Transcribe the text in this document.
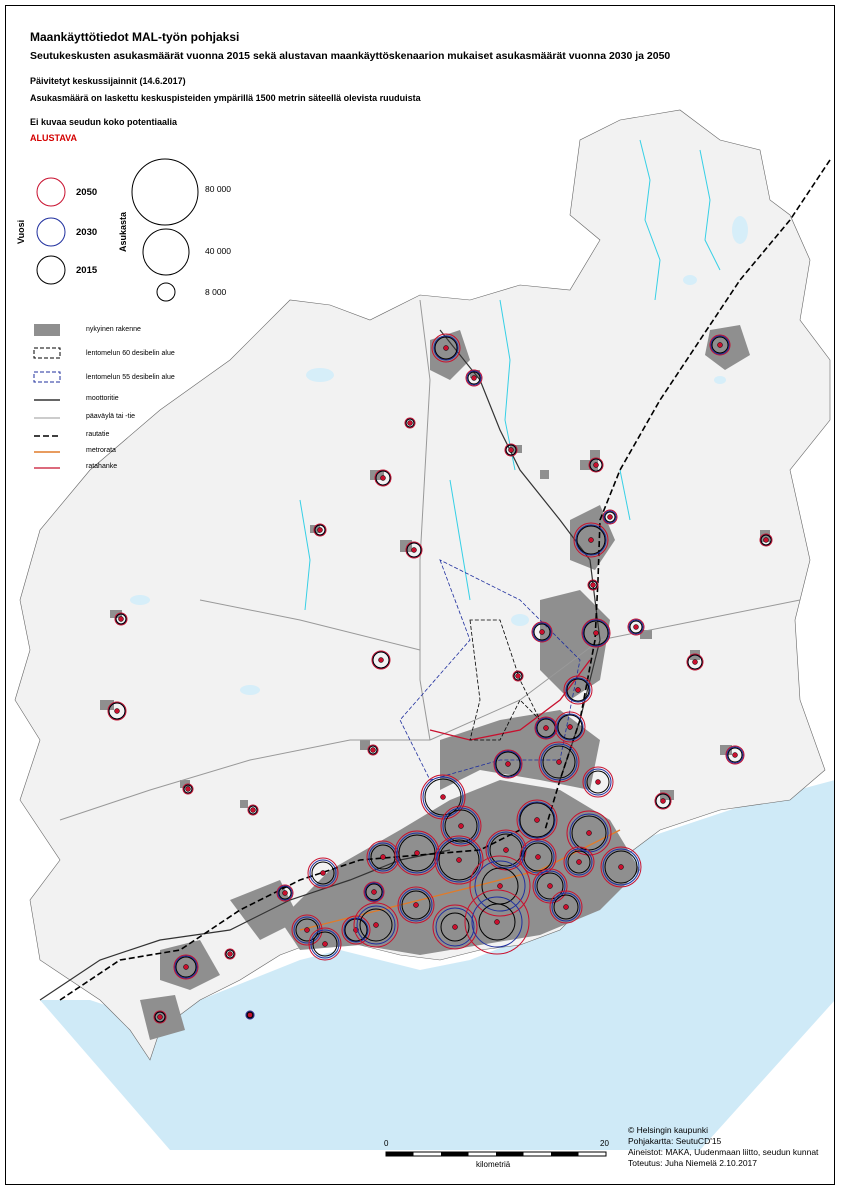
Maankäyttötiedot MAL-työn pohjaksi
Seutukeskusten asukasmäärät vuonna 2015 sekä alustavan maankäyttöskenaarion mukaiset asukasmäärät vuonna 2030 ja 2050
Päivitetyt keskussijainnit (14.6.2017)
Asukasmäärä on laskettu keskuspisteiden ympärillä 1500 metrin säteellä olevista ruuduista
Ei kuvaa seudun koko potentiaalia
ALUSTAVA
Vuosi
2050
2030
2015
Asukasta
80 000
40 000
8 000
nykyinen rakenne
lentomelun 60 desibelin alue
lentomelun 55 desibelin alue
moottoritie
päaväylä tai -tie
rautatie
metrorata
ratahanke
0	20
kilometriä
© Helsingin kaupunki
Pohjakartta: SeutuCD'15
Aineistot: MAKA, Uudenmaan liitto, seudun kunnat
Toteutus: Juha Niemelä 2.10.2017
